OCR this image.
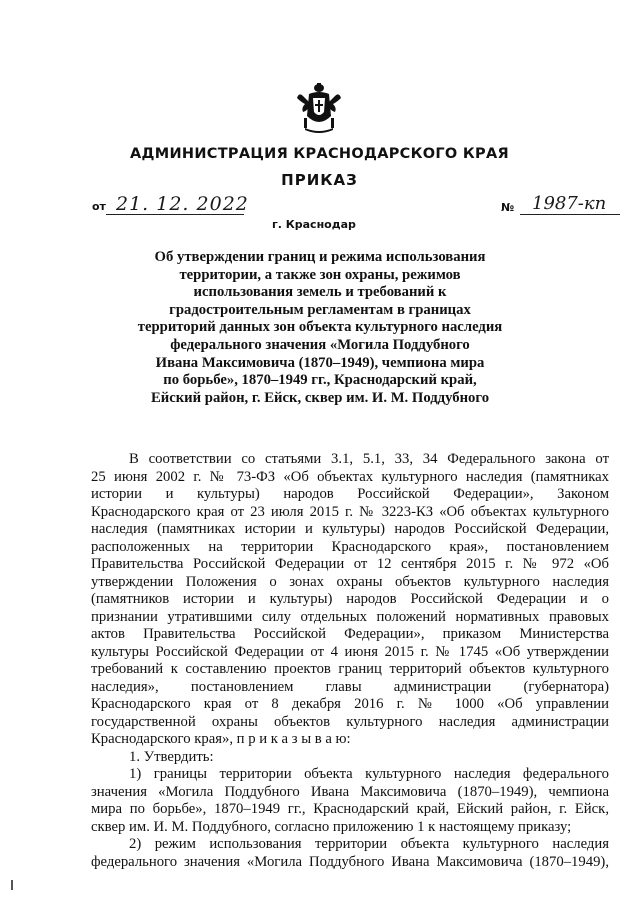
АДМИНИСТРАЦИЯ КРАСНОДАРСКОГО КРАЯ
ПРИКАЗ
от 21. 12. 2022
г. Краснодар
№ 1987-кп
Об утверждении границ и режима использования
территории, а также зон охраны, режимов
использования земель и требований к
градостроительным регламентам в границах
территорий данных зон объекта культурного наследия
федерального значения «Могила Поддубного
Ивана Максимовича (1870–1949), чемпиона мира
по борьбе», 1870–1949 гг., Краснодарский край,
Ейский район, г. Ейск, сквер им. И. М. Поддубного
В соответствии со статьями 3.1, 5.1, 33, 34 Федерального закона от
25 июня 2002 г. № 73-ФЗ «Об объектах культурного наследия (памятниках
истории и культуры) народов Российской Федерации», Законом
Краснодарского края от 23 июля 2015 г. № 3223-КЗ «Об объектах культурного
наследия (памятниках истории и культуры) народов Российской Федерации,
расположенных на территории Краснодарского края», постановлением
Правительства Российской Федерации от 12 сентября 2015 г. № 972 «Об
утверждении Положения о зонах охраны объектов культурного наследия
(памятников истории и культуры) народов Российской Федерации и о
признании утратившими силу отдельных положений нормативных правовых
актов Правительства Российской Федерации», приказом Министерства
культуры Российской Федерации от 4 июня 2015 г. № 1745 «Об утверждении
требований к составлению проектов границ территорий объектов культурного
наследия», постановлением главы администрации (губернатора)
Краснодарского края от 8 декабря 2016 г. № 1000 «Об управлении
государственной охраны объектов культурного наследия администрации
Краснодарского края», п р и к а з ы в а ю:
1. Утвердить:
1) границы территории объекта культурного наследия федерального
значения «Могила Поддубного Ивана Максимовича (1870–1949), чемпиона
мира по борьбе», 1870–1949 гг., Краснодарский край, Ейский район, г. Ейск,
сквер им. И. М. Поддубного, согласно приложению 1 к настоящему приказу;
2) режим использования территории объекта культурного наследия
федерального значения «Могила Поддубного Ивана Максимовича (1870–1949),
